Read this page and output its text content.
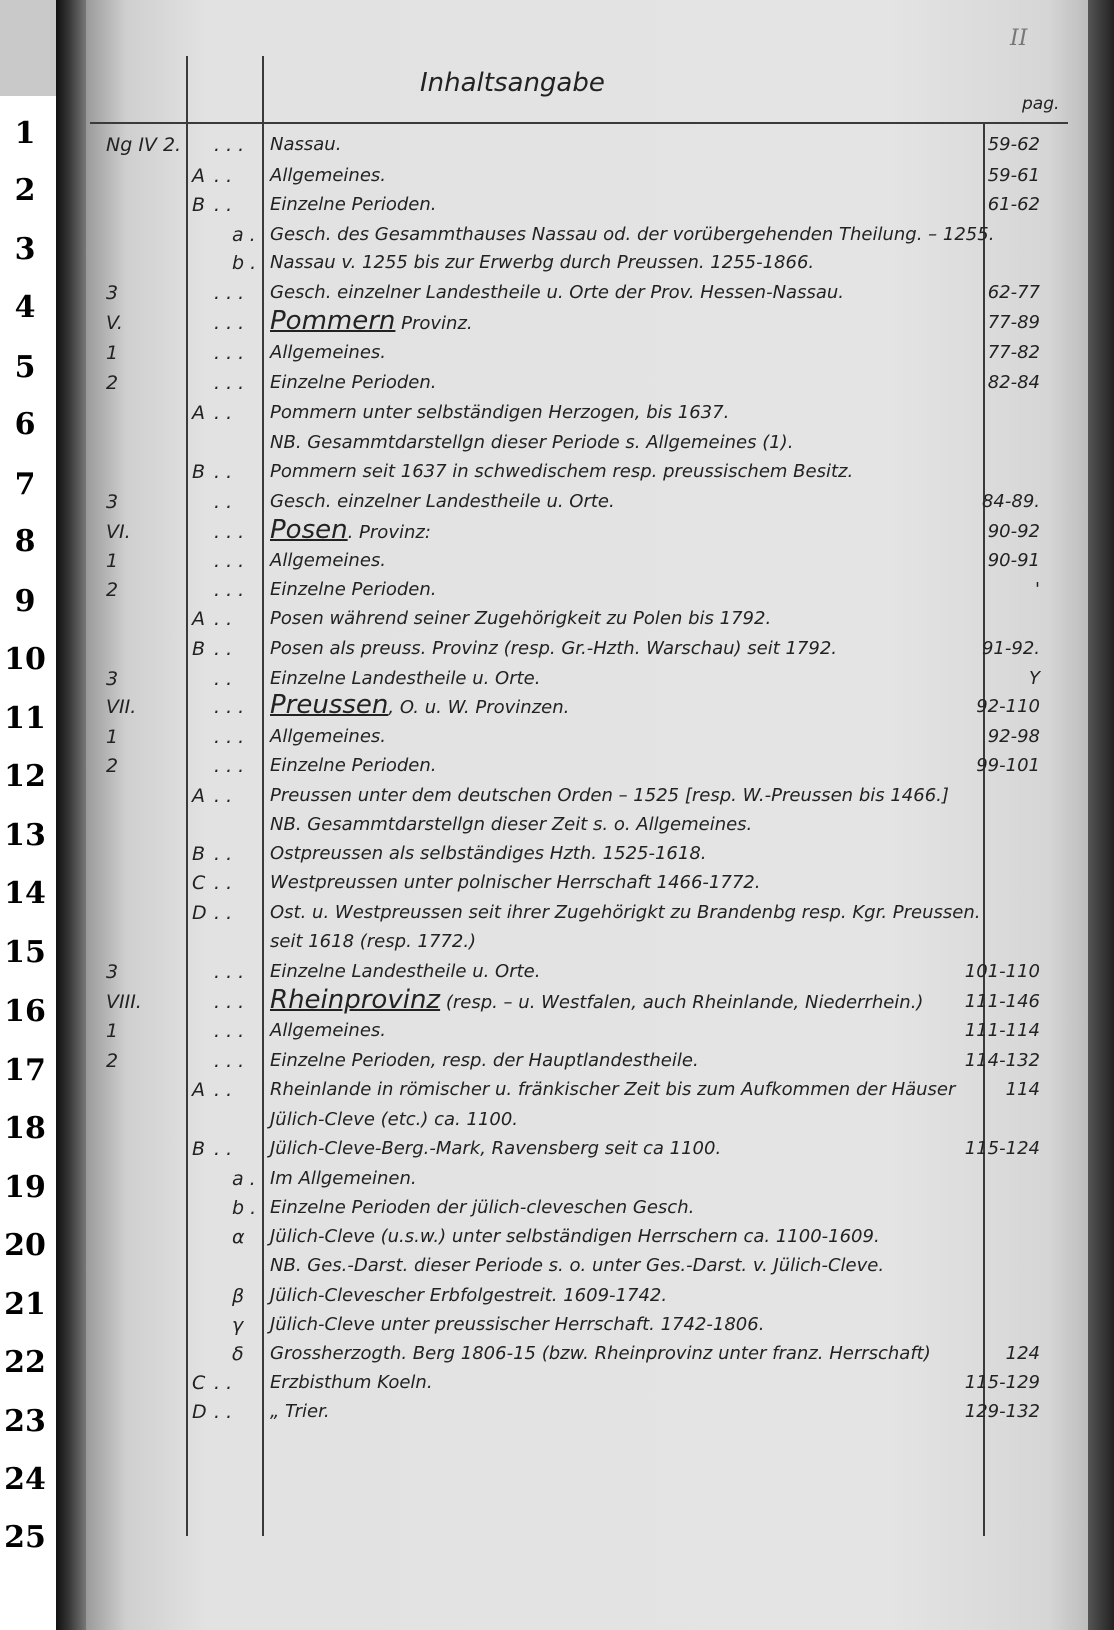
1
2
3
4
5
6
7
8
9
10
11
12
13
14
15
16
17
18
19
20
21
22
23
24
25
II
Inhaltsangabe
pag.
Ng IV 2. . . . Nassau.	59-62
A . . Allgemeines.	59-61
B . . Einzelne Perioden.	61-62
a . Gesch. des Gesammthauses Nassau od. der vorübergehenden Theilung. – 1255.
b . Nassau v. 1255 bis zur Erwerbg durch Preussen. 1255-1866.
3	. . . Gesch. einzelner Landestheile u. Orte der Prov. Hessen-Nassau.	62-77
V.	. . . Pommern Provinz.	77-89
1	. . . Allgemeines.	77-82
2	. . . Einzelne Perioden.	82-84
A . . Pommern unter selbständigen Herzogen, bis 1637.
NB. Gesammtdarstellgn dieser Periode s. Allgemeines (1).
B . . Pommern seit 1637 in schwedischem resp. preussischem Besitz.
3	. . Gesch. einzelner Landestheile u. Orte.	84-89.
VI.	. . . Posen. Provinz:	90-92
1	. . . Allgemeines.	90-91
2	. . . Einzelne Perioden.	'
A . . Posen während seiner Zugehörigkeit zu Polen bis 1792.
B . . Posen als preuss. Provinz (resp. Gr.-Hzth. Warschau) seit 1792.	91-92.
3	. . Einzelne Landestheile u. Orte.	Y
VII.	. . . Preussen, O. u. W. Provinzen.	92-110
1	. . . Allgemeines.	92-98
2	. . . Einzelne Perioden.	99-101
A . . Preussen unter dem deutschen Orden – 1525 [resp. W.-Preussen bis 1466.]
NB. Gesammtdarstellgn dieser Zeit s. o. Allgemeines.
B . . Ostpreussen als selbständiges Hzth. 1525-1618.
C . . Westpreussen unter polnischer Herrschaft 1466-1772.
D . . Ost. u. Westpreussen seit ihrer Zugehörigkt zu Brandenbg resp. Kgr. Preussen.
seit 1618 (resp. 1772.)
3	. . . Einzelne Landestheile u. Orte.	101-110
VIII.	. . . Rheinprovinz (resp. – u. Westfalen, auch Rheinlande, Niederrhein.) 111-146
1	. . . Allgemeines.	111-114
2	. . . Einzelne Perioden, resp. der Hauptlandestheile.	114-132
A . . Rheinlande in römischer u. fränkischer Zeit bis zum Aufkommen der Häuser	114
Jülich-Cleve (etc.) ca. 1100.
B . . Jülich-Cleve-Berg.-Mark, Ravensberg seit ca 1100.	115-124
a . Im Allgemeinen.
b . Einzelne Perioden der jülich-cleveschen Gesch.
α Jülich-Cleve (u.s.w.) unter selbständigen Herrschern ca. 1100-1609.
NB. Ges.-Darst. dieser Periode s. o. unter Ges.-Darst. v. Jülich-Cleve.
β Jülich-Clevescher Erbfolgestreit. 1609-1742.
γ Jülich-Cleve unter preussischer Herrschaft. 1742-1806.
δ Grossherzogth. Berg 1806-15 (bzw. Rheinprovinz unter franz. Herrschaft)	124
C . . Erzbisthum Koeln.	115-129
D . . „ Trier.	129-132
